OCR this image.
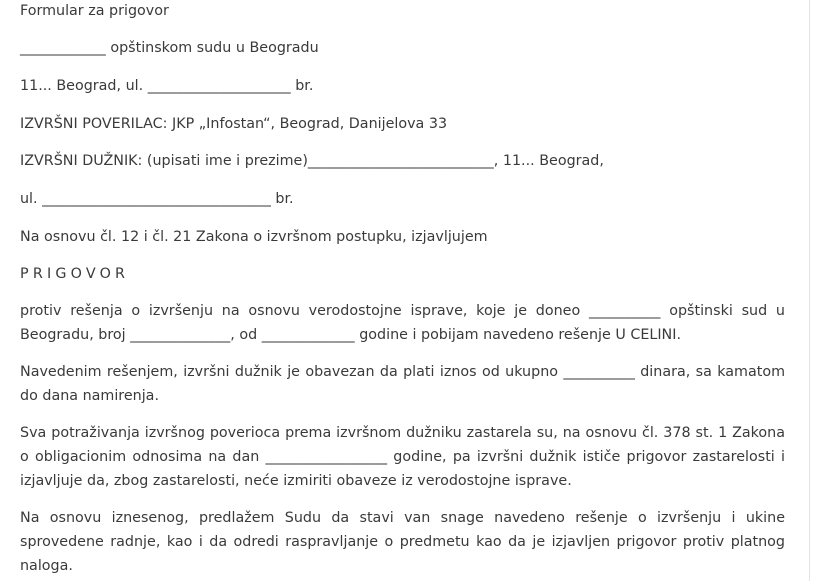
Formular za prigovor

____________ opštinskom sudu u Beogradu

11... Beograd, ul. ____________________ br.

IZVRŠNI POVERILAC: JKP „Infostan“, Beograd, Danijelova 33

IZVRŠNI DUŽNIK: (upisati ime i prezime)__________________________, 11... Beograd,

ul. ________________________________ br.

Na osnovu čl. 12 i čl. 21 Zakona o izvršnom postupku, izjavljujem

PRIGOVOR

protiv rešenja o izvršenju na osnovu verodostojne isprave, koje je doneo __________ opštinski sud u Beogradu, broj ______________, od _____________ godine i pobijam navedeno rešenje U CELINI.

Navedenim rešenjem, izvršni dužnik je obavezan da plati iznos od ukupno __________ dinara, sa kamatom do dana namirenja.

Sva potraživanja izvršnog poverioca prema izvršnom dužniku zastarela su, na osnovu čl. 378 st. 1 Zakona o obligacionim odnosima na dan _________________ godine, pa izvršni dužnik ističe prigovor zastarelosti i izjavljuje da, zbog zastarelosti, neće izmiriti obaveze iz verodostojne isprave.

Na osnovu iznesenog, predlažem Sudu da stavi van snage navedeno rešenje o izvršenju i ukine sprovedene radnje, kao i da odredi raspravljanje o predmetu kao da je izjavljen prigovor protiv platnog naloga.
